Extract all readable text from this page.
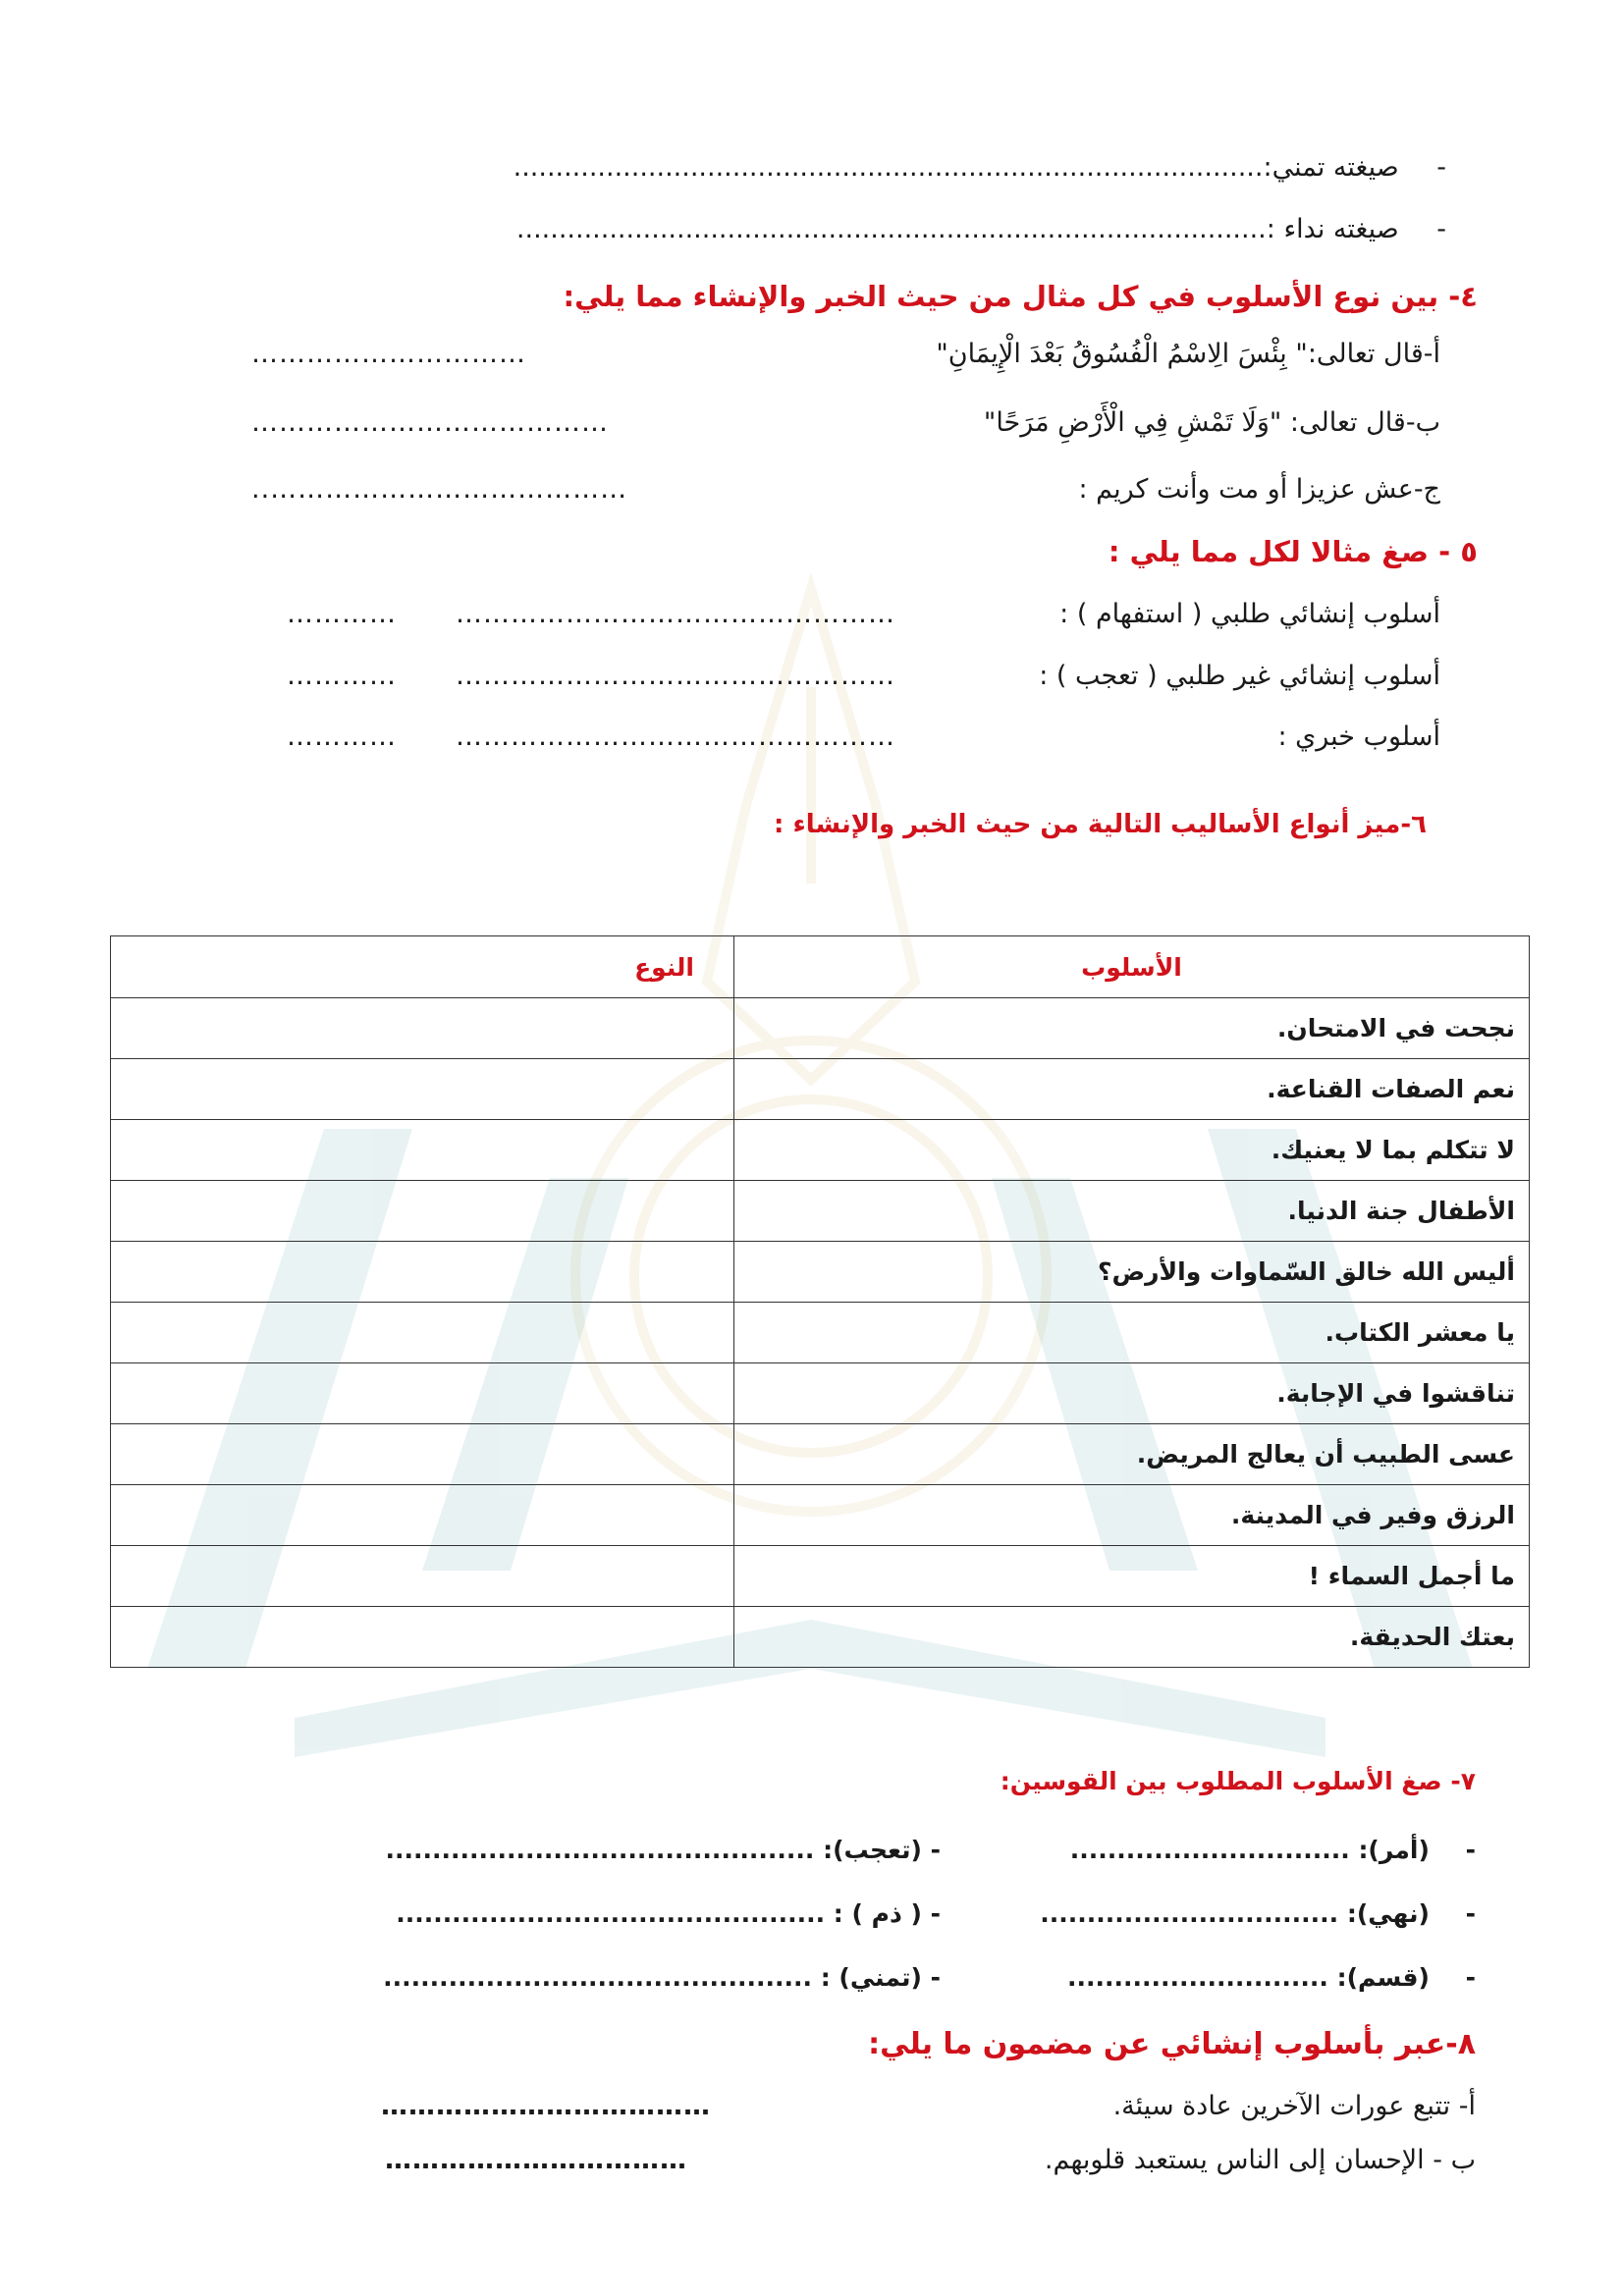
- صيغته تمني:.........................................................................................
- صيغته نداء :.........................................................................................
٤- بين نوع الأسلوب في كل مثال من حيث الخبر والإنشاء مما يلي:
أ-قال تعالى:" بِئْسَ الِاسْمُ الْفُسُوقُ بَعْدَ الْإِيمَانِ"
…………………………
ب-قال تعالى: "وَلَا تَمْشِ فِي الْأَرْضِ مَرَحًا"
…………………………………
ج-عش عزيزا أو مت وأنت كريم :
…………………………………..
٥ - صغ مثالا لكل مما يلي :
أسلوب إنشائي طلبي ( استفهام ) :
……………………………………………………
أسلوب إنشائي غير طلبي ( تعجب ) :
……………………………………………………
أسلوب خبري :
……………………………………………………
٦-ميز أنواع الأساليب التالية من حيث الخبر والإنشاء :
الأسلوب	النوع
نجحت في الامتحان.	
نعم الصفات القناعة.	
لا تتكلم بما لا يعنيك.	
الأطفال جنة الدنيا.	
أليس الله خالق السّماوات والأرض؟	
يا معشر الكتاب.	
تناقشوا في الإجابة.	
عسى الطبيب أن يعالج المريض.	
الرزق وفير في المدينة.	
ما أجمل السماء !	
بعتك الحديقة.	
٧- صغ الأسلوب المطلوب بين القوسين:
- (أمر): ..............................
- (تعجب): ..............................................
- (نهي): ................................
- ( ذم ) : ..............................................
- (قسم): ............................
- (تمني) : ..............................................
٨-عبر بأسلوب إنشائي عن مضمون ما يلي:
أ- تتبع عورات الآخرين عادة سيئة.
………………………………
ب - الإحسان إلى الناس يستعبد قلوبهم.
……………………………
